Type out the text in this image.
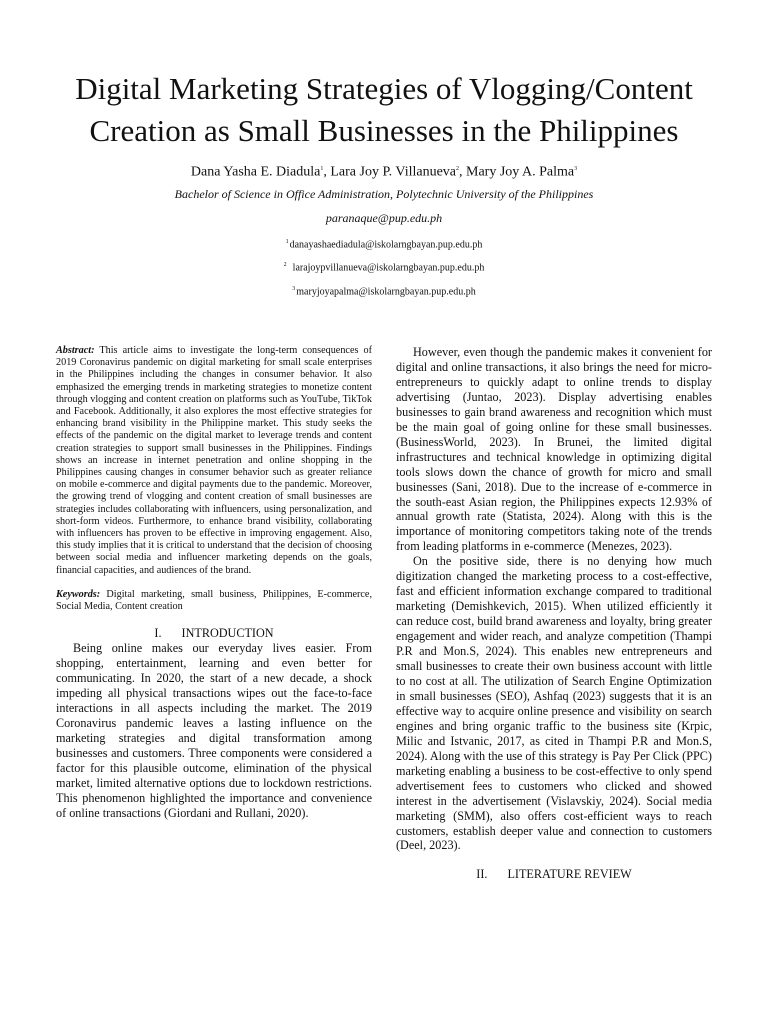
Digital Marketing Strategies of Vlogging/Content Creation as Small Businesses in the Philippines
Dana Yasha E. Diadula$^1$, Lara Joy P. Villanueva$^2$, Mary Joy A. Palma$^3$
Bachelor of Science in Office Administration, Polytechnic University of the Philippines
paranaque@pup.edu.ph
$^1$danayashaediadula@iskolarngbayan.pup.edu.ph
$^2$ larajoypvillanueva@iskolarngbayan.pup.edu.ph
$^3$maryjoyapalma@iskolarngbayan.pup.edu.ph

Abstract: This article aims to investigate the long-term consequences of 2019 Coronavirus pandemic on digital marketing for small scale enterprises in the Philippines including the changes in consumer behavior. It also emphasized the emerging trends in marketing strategies to monetize content through vlogging and content creation on platforms such as YouTube, TikTok and Facebook. Additionally, it also explores the most effective strategies for enhancing brand visibility in the Philippine market. This study seeks the effects of the pandemic on the digital market to leverage trends and content creation strategies to support small businesses in the Philippines. Findings shows an increase in internet penetration and online shopping in the Philippines causing changes in consumer behavior such as greater reliance on mobile e-commerce and digital payments due to the pandemic. Moreover, the growing trend of vlogging and content creation of small businesses are strategies includes collaborating with influencers, using personalization, and short-form videos. Furthermore, to enhance brand visibility, collaborating with influencers has proven to be effective in improving engagement. Also, this study implies that it is critical to understand that the decision of choosing between social media and influencer marketing depends on the goals, financial capacities, and audiences of the brand.

Keywords: Digital marketing, small business, Philippines, E-commerce, Social Media, Content creation

I. INTRODUCTION

Being online makes our everyday lives easier. From shopping, entertainment, learning and even better for communicating. In 2020, the start of a new decade, a shock impeding all physical transactions wipes out the face-to-face interactions in all aspects including the market. The 2019 Coronavirus pandemic leaves a lasting influence on the marketing strategies and digital transformation among businesses and customers. Three components were considered a factor for this plausible outcome, elimination of the physical market, limited alternative options due to lockdown restrictions. This phenomenon highlighted the importance and convenience of online transactions (Giordani and Rullani, 2020).

However, even though the pandemic makes it convenient for digital and online transactions, it also brings the need for micro-entrepreneurs to quickly adapt to online trends to display advertising (Juntao, 2023). Display advertising enables businesses to gain brand awareness and recognition which must be the main goal of going online for these small businesses. (BusinessWorld, 2023). In Brunei, the limited digital infrastructures and technical knowledge in optimizing digital tools slows down the chance of growth for micro and small businesses (Sani, 2018). Due to the increase of e-commerce in the south-east Asian region, the Philippines expects 12.93% of annual growth rate (Statista, 2024). Along with this is the importance of monitoring competitors taking note of the trends from leading platforms in e-commerce (Menezes, 2023).

On the positive side, there is no denying how much digitization changed the marketing process to a cost-effective, fast and efficient information exchange compared to traditional marketing (Demishkevich, 2015). When utilized efficiently it can reduce cost, build brand awareness and loyalty, bring greater engagement and wider reach, and analyze competition (Thampi P.R and Mon.S, 2024). This enables new entrepreneurs and small businesses to create their own business account with little to no cost at all. The utilization of Search Engine Optimization in small businesses (SEO), Ashfaq (2023) suggests that it is an effective way to acquire online presence and visibility on search engines and bring organic traffic to the business site (Krpic, Milic and Istvanic, 2017, as cited in Thampi P.R and Mon.S, 2024). Along with the use of this strategy is Pay Per Click (PPC) marketing enabling a business to be cost-effective to only spend advertisement fees to customers who clicked and showed interest in the advertisement (Vislavskiy, 2024). Social media marketing (SMM), also offers cost-efficient ways to reach customers, establish deeper value and connection to customers (Deel, 2023).

II. LITERATURE REVIEW
